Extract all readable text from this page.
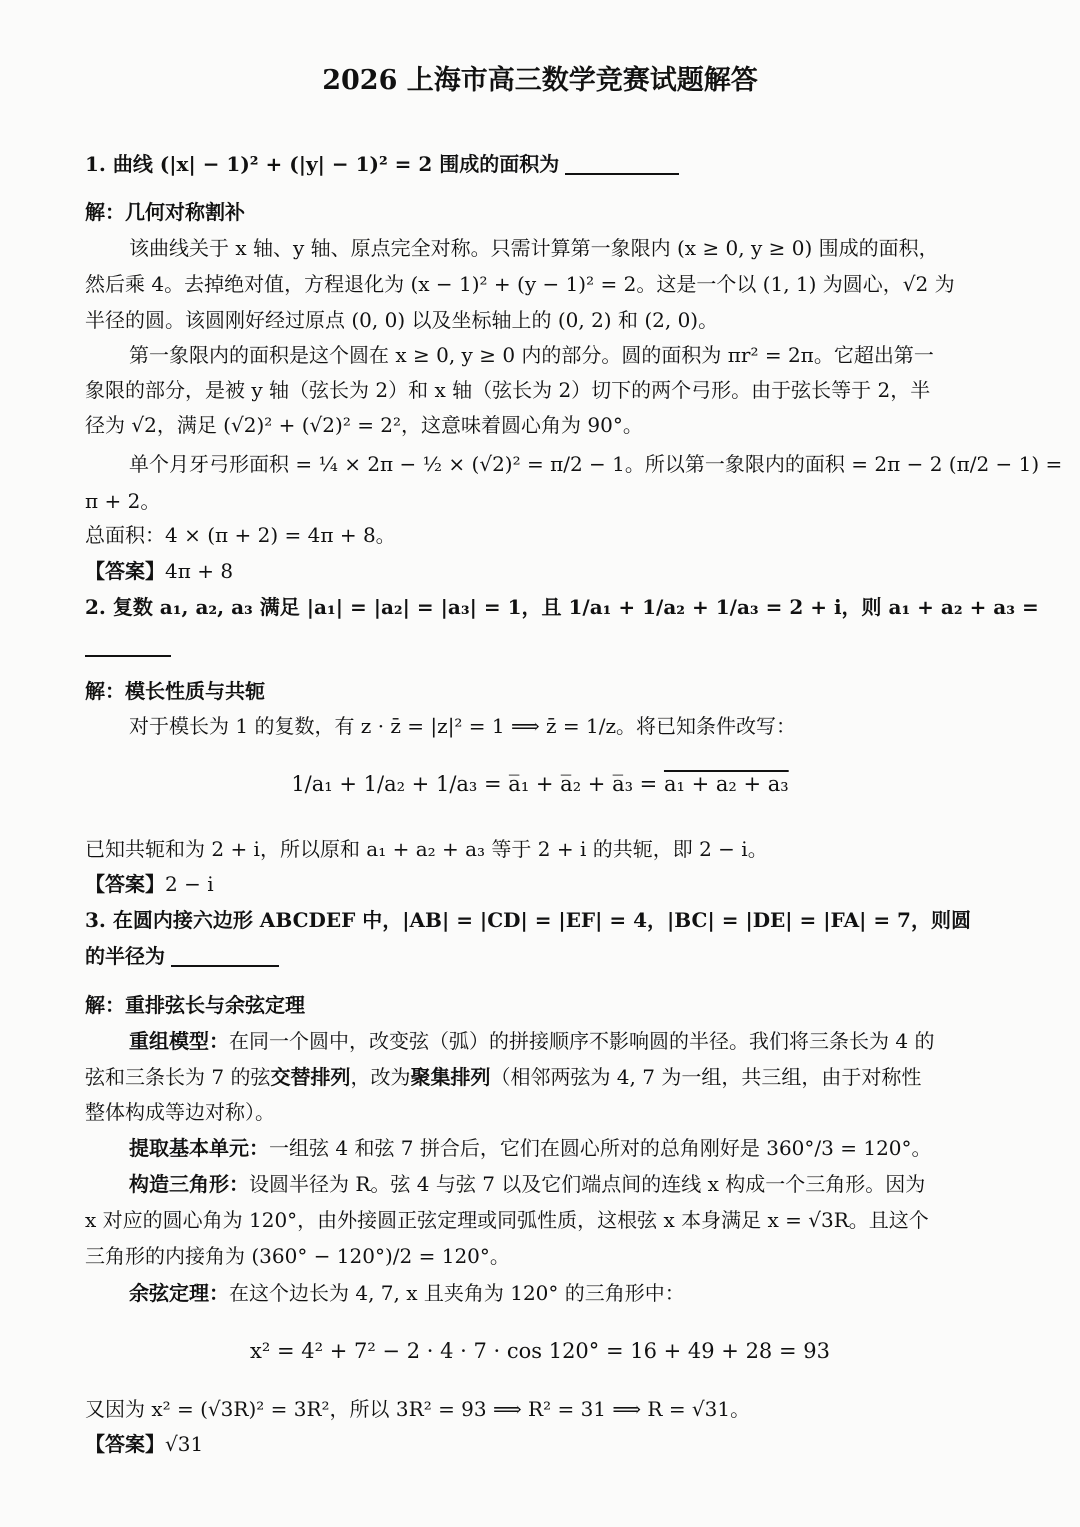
2026 上海市高三数学竞赛试题解答
1. 曲线 (|x| − 1)² + (|y| − 1)² = 2 围成的面积为
解：几何对称割补
该曲线关于 x 轴、y 轴、原点完全对称。只需计算第一象限内 (x ≥ 0, y ≥ 0) 围成的面积，
然后乘 4。去掉绝对值，方程退化为 (x − 1)² + (y − 1)² = 2。这是一个以 (1, 1) 为圆心，√2 为
半径的圆。该圆刚好经过原点 (0, 0) 以及坐标轴上的 (0, 2) 和 (2, 0)。
第一象限内的面积是这个圆在 x ≥ 0, y ≥ 0 内的部分。圆的面积为 πr² = 2π。它超出第一
象限的部分，是被 y 轴（弦长为 2）和 x 轴（弦长为 2）切下的两个弓形。由于弦长等于 2，半
径为 √2，满足 (√2)² + (√2)² = 2²，这意味着圆心角为 90°。
单个月牙弓形面积 = ¼ × 2π − ½ × (√2)² = π/2 − 1。所以第一象限内的面积 = 2π − 2 (π/2 − 1) =
π + 2。
总面积：4 × (π + 2) = 4π + 8。
【答案】4π + 8
2. 复数 a₁, a₂, a₃ 满足 |a₁| = |a₂| = |a₃| = 1，且 1/a₁ + 1/a₂ + 1/a₃ = 2 + i，则 a₁ + a₂ + a₃ =
解：模长性质与共轭
对于模长为 1 的复数，有 z · z̄ = |z|² = 1 ⟹ z̄ = 1/z。将已知条件改写：
1/a₁ + 1/a₂ + 1/a₃ = a̅₁ + a̅₂ + a̅₃ = a₁ + a₂ + a₃
已知共轭和为 2 + i，所以原和 a₁ + a₂ + a₃ 等于 2 + i 的共轭，即 2 − i。
【答案】2 − i
3. 在圆内接六边形 ABCDEF 中，|AB| = |CD| = |EF| = 4，|BC| = |DE| = |FA| = 7，则圆
的半径为
解：重排弦长与余弦定理
重组模型：在同一个圆中，改变弦（弧）的拼接顺序不影响圆的半径。我们将三条长为 4 的
弦和三条长为 7 的弦交替排列，改为聚集排列（相邻两弦为 4, 7 为一组，共三组，由于对称性
整体构成等边对称）。
提取基本单元：一组弦 4 和弦 7 拼合后，它们在圆心所对的总角刚好是 360°/3 = 120°。
构造三角形：设圆半径为 R。弦 4 与弦 7 以及它们端点间的连线 x 构成一个三角形。因为
x 对应的圆心角为 120°，由外接圆正弦定理或同弧性质，这根弦 x 本身满足 x = √3R。且这个
三角形的内接角为 (360° − 120°)/2 = 120°。
余弦定理：在这个边长为 4, 7, x 且夹角为 120° 的三角形中：
x² = 4² + 7² − 2 · 4 · 7 · cos 120° = 16 + 49 + 28 = 93
又因为 x² = (√3R)² = 3R²，所以 3R² = 93 ⟹ R² = 31 ⟹ R = √31。
【答案】√31
